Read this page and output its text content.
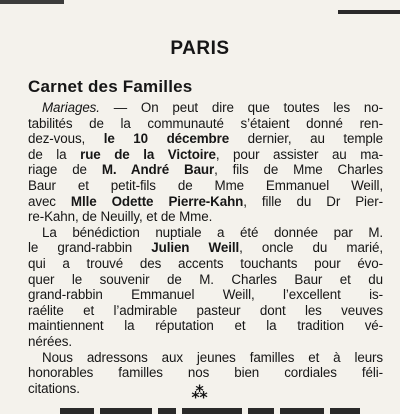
PARIS
Carnet des Familles
Mariages. — On peut dire que toutes les no-
tabilités de la communauté s’étaient donné ren-
dez-vous, le 10 décembre dernier, au temple
de la rue de la Victoire, pour assister au ma-
riage de M. André Baur, fils de Mme Charles
Baur et petit-fils de Mme Emmanuel Weill,
avec Mlle Odette Pierre-Kahn, fille du Dr Pier-
re-Kahn, de Neuilly, et de Mme.
La bénédiction nuptiale a été donnée par M.
le grand-rabbin Julien Weill, oncle du marié,
qui a trouvé des accents touchants pour évo-
quer le souvenir de M. Charles Baur et du
grand-rabbin Emmanuel Weill, l’excellent is-
raélite et l’admirable pasteur dont les veuves
maintiennent la réputation et la tradition vé-
nérées.
Nous adressons aux jeunes familles et à leurs
honorables familles nos bien cordiales féli-
citations.	⁂
